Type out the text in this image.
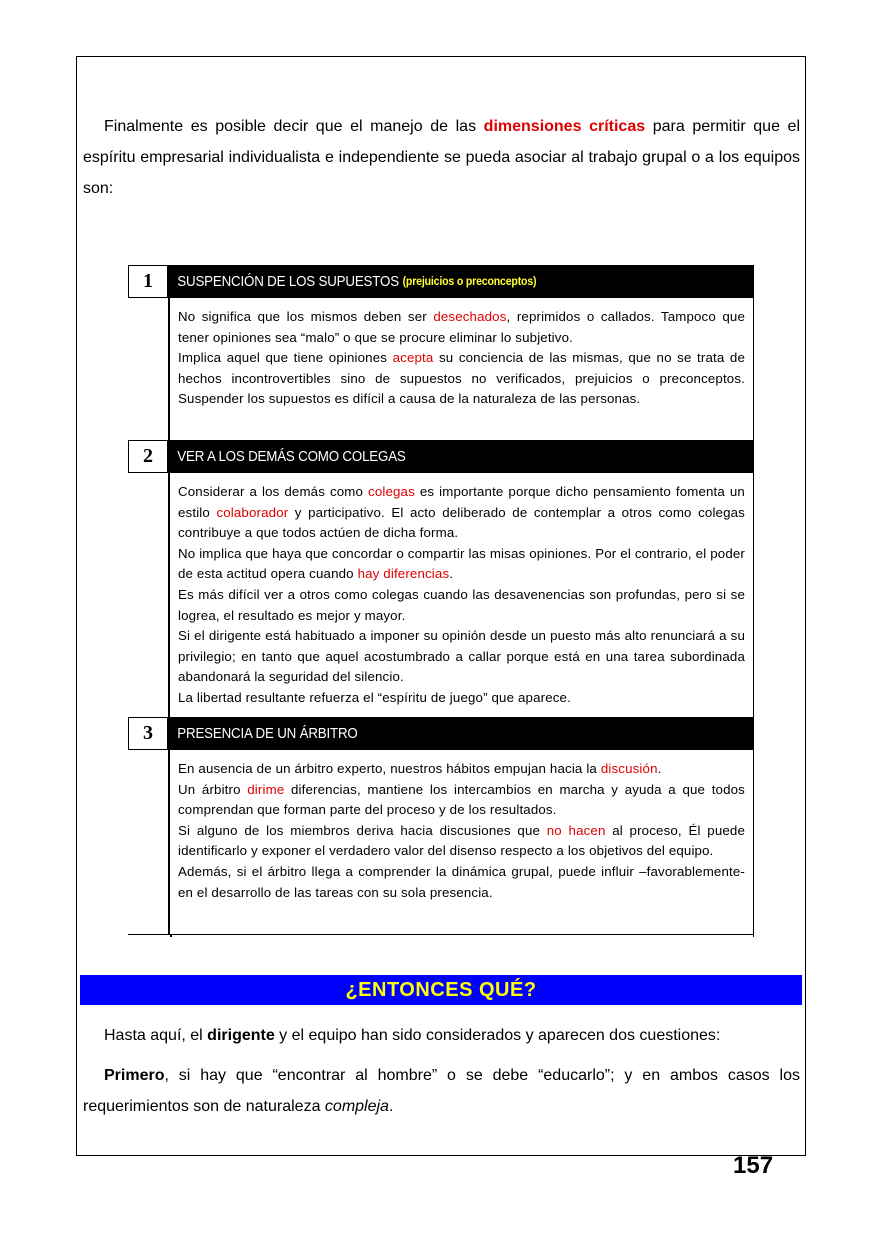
Finalmente es posible decir que el manejo de las dimensiones críticas para permitir que el espíritu empresarial individualista e independiente se pueda asociar al trabajo grupal o a los equipos son:

1	SUSPENCIÓN DE LOS SUPUESTOS (prejuicios o preconceptos)

No significa que los mismos deben ser desechados, reprimidos o callados. Tampoco que tener opiniones sea “malo” o que se procure eliminar lo subjetivo.

Implica aquel que tiene opiniones acepta su conciencia de las mismas, que no se trata de hechos incontrovertibles sino de supuestos no verificados, prejuicios o preconceptos. Suspender los supuestos es difícil a causa de la naturaleza de las personas.

2	VER A LOS DEMÁS COMO COLEGAS

Considerar a los demás como colegas es importante porque dicho pensamiento fomenta un estilo colaborador y participativo. El acto deliberado de contemplar a otros como colegas contribuye a que todos actúen de dicha forma.

No implica que haya que concordar o compartir las misas opiniones. Por el contrario, el poder de esta actitud opera cuando hay diferencias.

Es más difícil ver a otros como colegas cuando las desavenencias son profundas, pero si se logrea, el resultado es mejor y mayor.

Si el dirigente está habituado a imponer su opinión desde un puesto más alto renunciará a su privilegio; en tanto que aquel acostumbrado a callar porque está en una tarea subordinada abandonará la seguridad del silencio.

La libertad resultante refuerza el “espíritu de juego” que aparece.

3	PRESENCIA DE UN ÁRBITRO

En ausencia de un árbitro experto, nuestros hábitos empujan hacia la discusión.

Un árbitro dirime diferencias, mantiene los intercambios en marcha y ayuda a que todos comprendan que forman parte del proceso y de los resultados.

Si alguno de los miembros deriva hacia discusiones que no hacen al proceso, Él puede identificarlo y exponer el verdadero valor del disenso respecto a los objetivos del equipo.

Además, si el árbitro llega a comprender la dinámica grupal, puede influir –favorablemente- en el desarrollo de las tareas con su sola presencia.

¿ENTONCES QUÉ?

Hasta aquí, el dirigente y el equipo han sido considerados y aparecen dos cuestiones:

Primero, si hay que “encontrar al hombre” o se debe “educarlo”; y en ambos casos los requerimientos son de naturaleza compleja.

157
